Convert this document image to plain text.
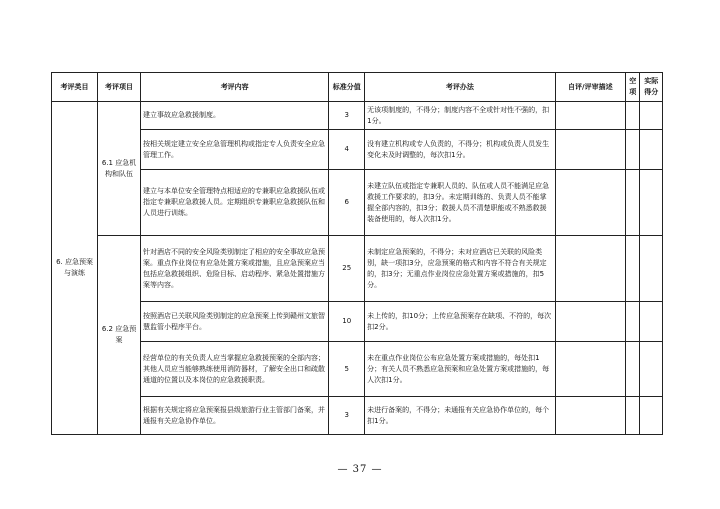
考评类目	考评项目	考评内容	标准分值	考评办法	自评/评审描述	空项	实际得分
6. 应急预案与演练	6.1 应急机构和队伍	建立事故应急救援制度。	3	无该项制度的，不得分；制度内容不全或针对性不强的，扣1分。			
		按相关规定建立安全应急管理机构或指定专人负责安全应急管理工作。	4	没有建立机构或专人负责的，不得分；机构或负责人员发生变化未及时调整的，每次扣1分。			
		建立与本单位安全管理特点相适应的专兼职应急救援队伍或指定专兼职应急救援人员。定期组织专兼职应急救援队伍和人员进行训练。	6	未建立队伍或指定专兼职人员的、队伍或人员不能满足应急救援工作要求的，扣3分。未定期训练的、负责人员不能掌握全部内容的，扣3分；救援人员不清楚职能或不熟悉救援装备使用的，每人次扣1分。			
	6.2 应急预案	针对酒店不同的安全风险类别制定了相应的安全事故应急预案。重点作业岗位有应急处置方案或措施，且应急预案应当包括应急救援组织、危险目标、启动程序、紧急处置措施方案等内容。	25	未制定应急预案的，不得分；未对应酒店已关联的风险类别，缺一项扣3分，应急预案的格式和内容不符合有关规定的，扣3分；无重点作业岗位应急处置方案或措施的，扣5分。			
		按照酒店已关联风险类别制定的应急预案上传到赣州文旅智慧监管小程序平台。	10	未上传的，扣10分；上传应急预案存在缺项、不符的，每次扣2分。			
		经营单位的有关负责人应当掌握应急救援预案的全部内容；其他人员应当能够熟练使用消防器材，了解安全出口和疏散通道的位置以及本岗位的应急救援职责。	5	未在重点作业岗位公布应急处置方案或措施的，每处扣1分；有关人员不熟悉应急预案和应急处置方案或措施的，每人次扣1分。			
		根据有关规定将应急预案报县级旅游行业主管部门备案，并通报有关应急协作单位。	3	未进行备案的，不得分；未通报有关应急协作单位的，每个扣1分。			
— 37 —
